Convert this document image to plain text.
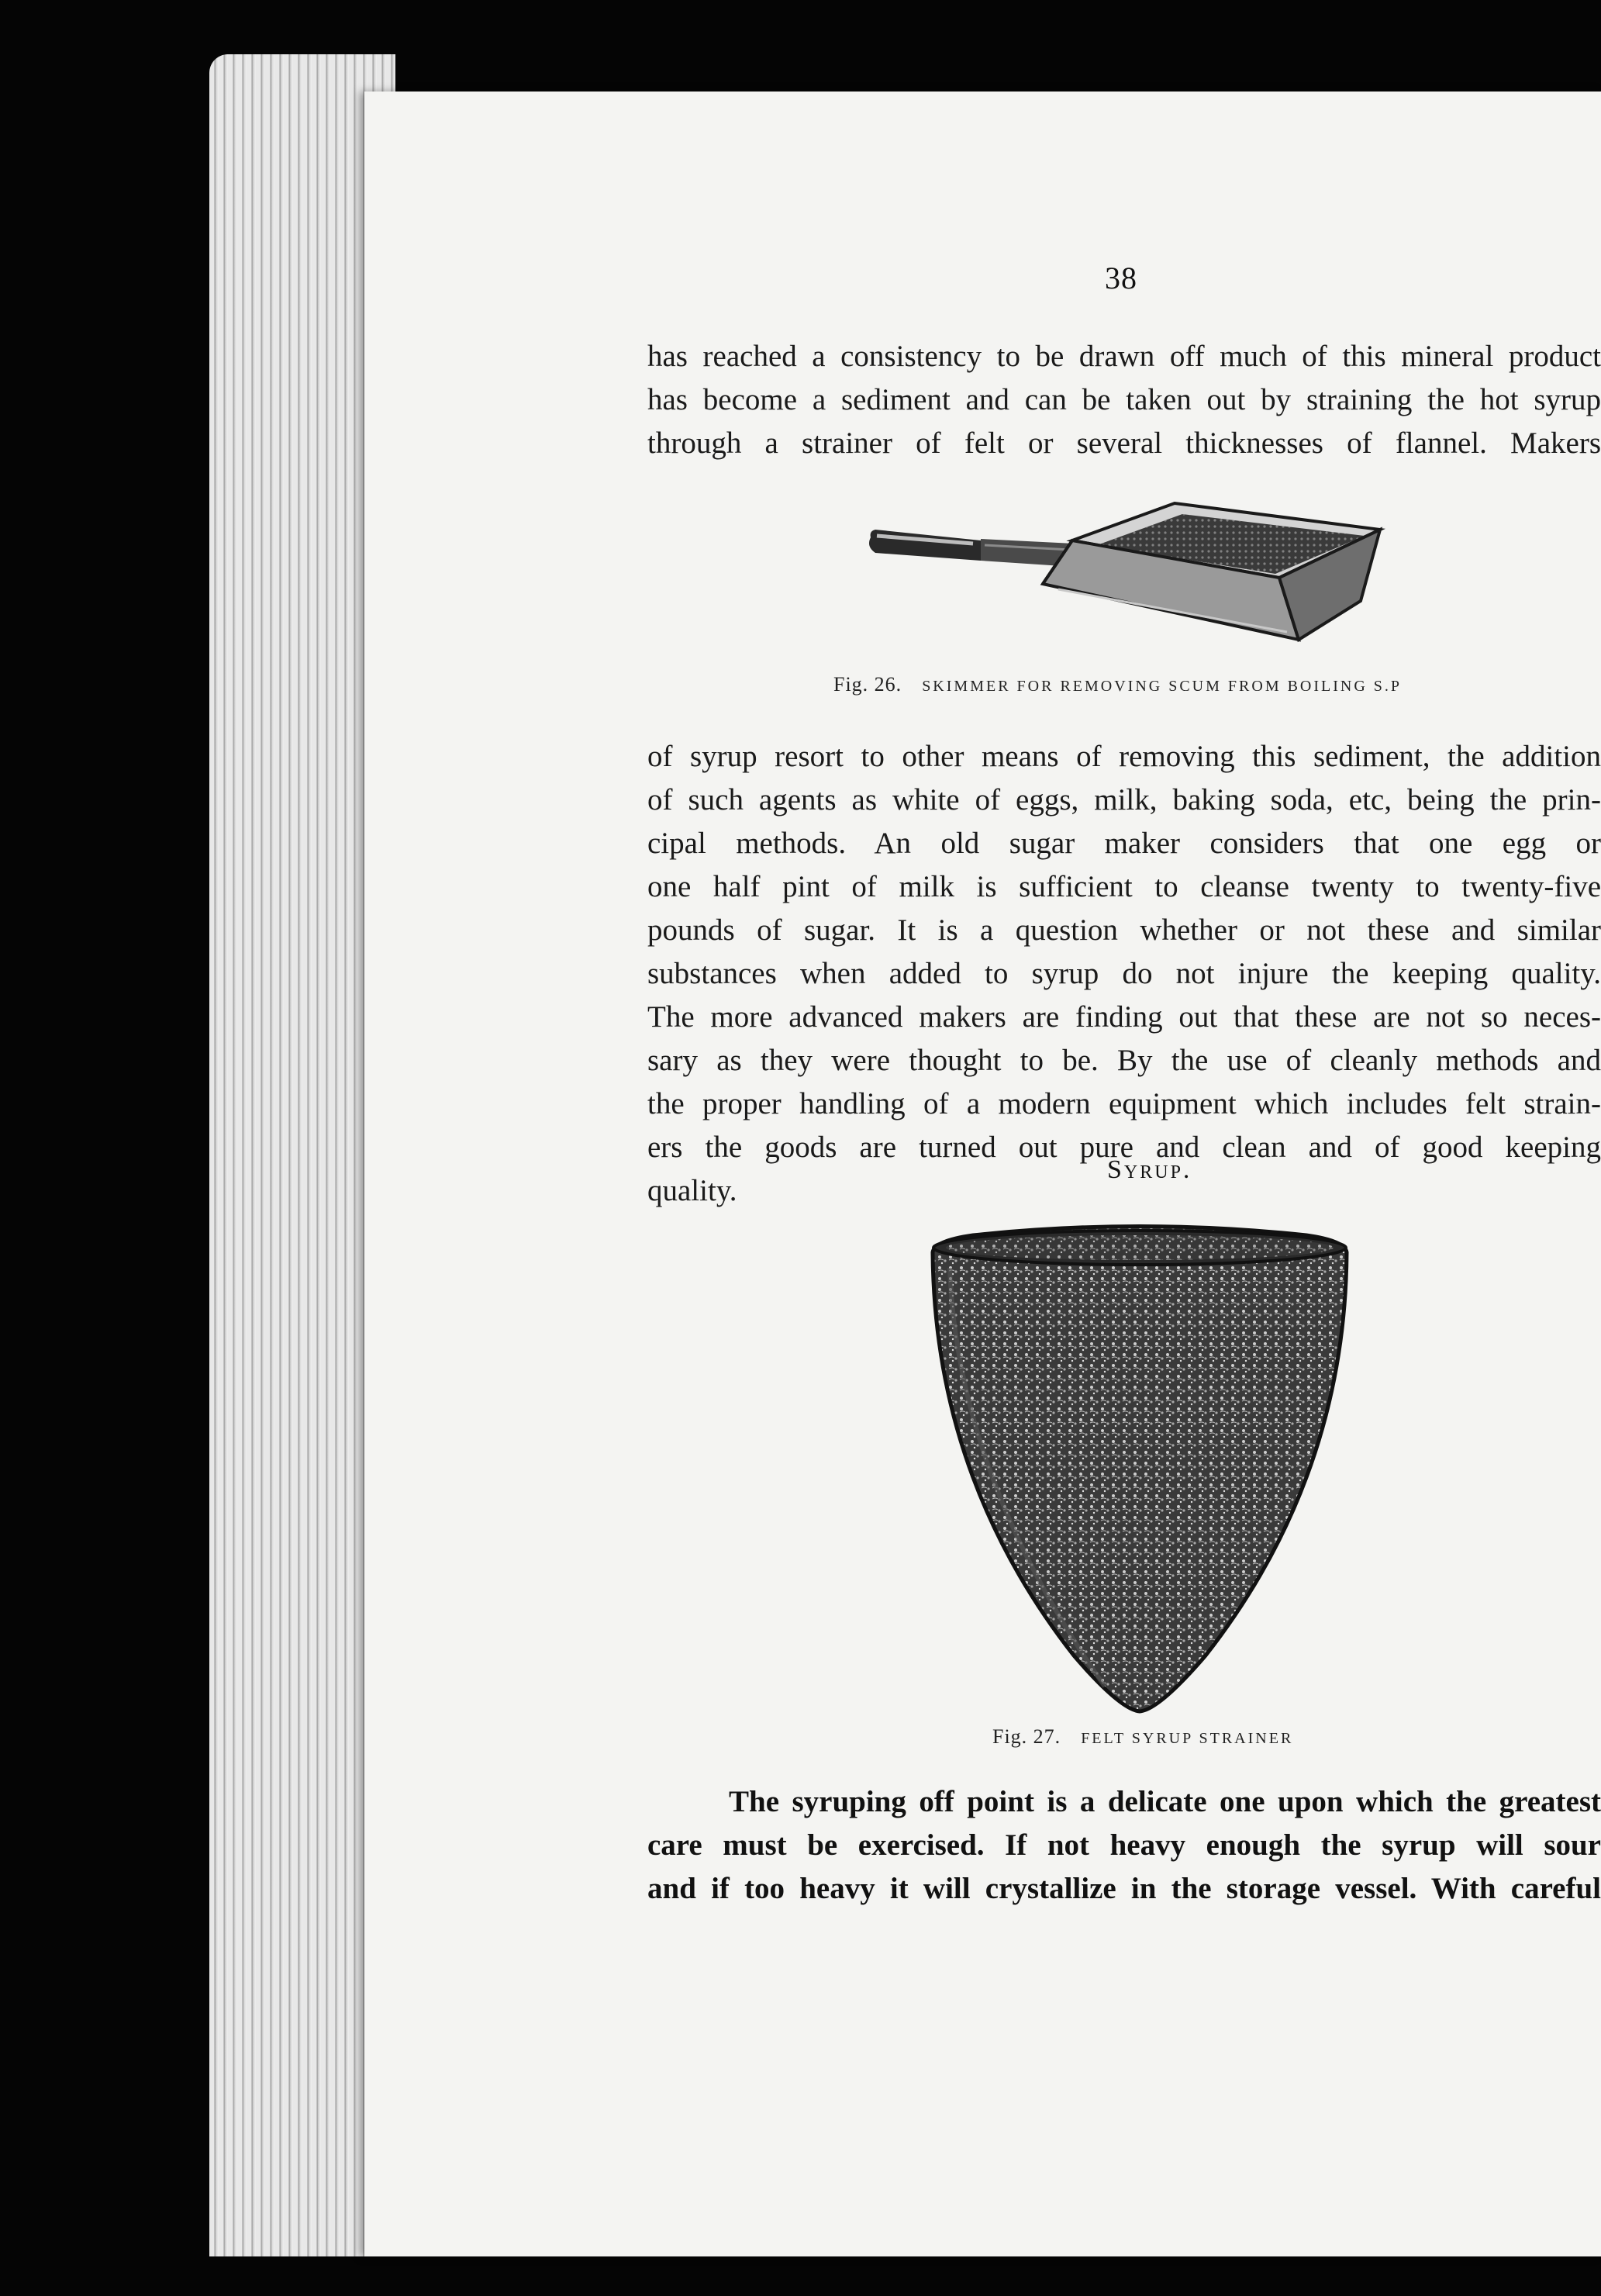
38
has reached a consistency to be drawn off much of this mineral product
has become a sediment and can be taken out by straining the hot syrup
through a strainer of felt or several thicknesses of flannel. Makers
Fig. 26. SKIMMER FOR REMOVING SCUM FROM BOILING S.P
of syrup resort to other means of removing this sediment, the addition
of such agents as white of eggs, milk, baking soda, etc, being the prin-
cipal methods. An old sugar maker considers that one egg or
one half pint of milk is sufficient to cleanse twenty to twenty-five
pounds of sugar. It is a question whether or not these and similar
substances when added to syrup do not injure the keeping quality.
The more advanced makers are finding out that these are not so neces-
sary as they were thought to be. By the use of cleanly methods and
the proper handling of a modern equipment which includes felt strain-
ers the goods are turned out pure and clean and of good keeping
quality.
Syrup.
Fig. 27. FELT SYRUP STRAINER
The syruping off point is a delicate one upon which the greatest
care must be exercised. If not heavy enough the syrup will sour
and if too heavy it will crystallize in the storage vessel. With careful
